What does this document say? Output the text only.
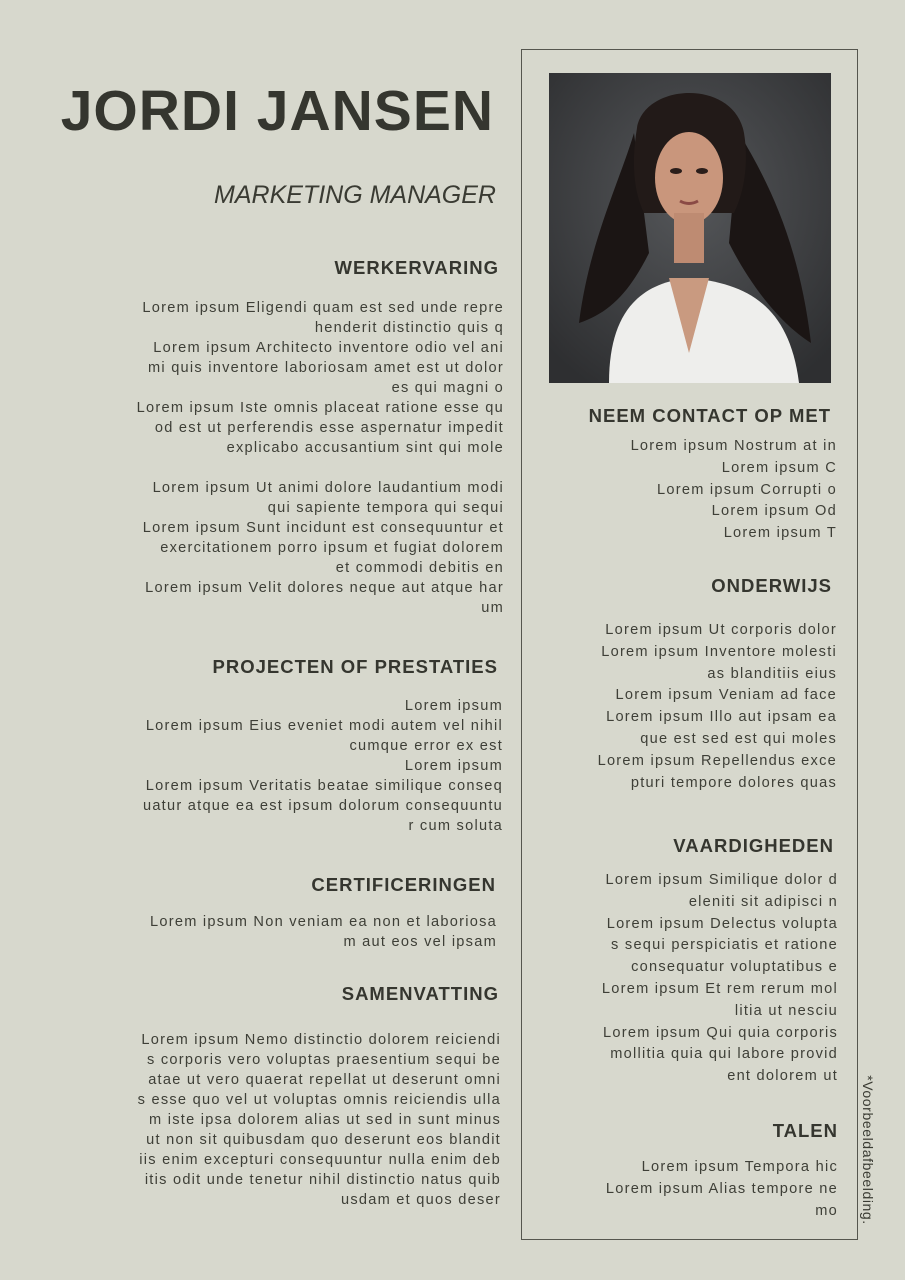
JORDI JANSEN
MARKETING MANAGER
WERKERVARING
Lorem ipsum Eligendi quam est sed unde repre
henderit distinctio quis q
Lorem ipsum Architecto inventore odio vel ani
mi quis inventore laboriosam amet est ut dolor
es qui magni o
Lorem ipsum Iste omnis placeat ratione esse qu
od est ut perferendis esse aspernatur impedit
explicabo accusantium sint qui mole
Lorem ipsum Ut animi dolore laudantium modi
qui sapiente tempora qui sequi
Lorem ipsum Sunt incidunt est consequuntur et
exercitationem porro ipsum et fugiat dolorem
et commodi debitis en
Lorem ipsum Velit dolores neque aut atque har
um
PROJECTEN OF PRESTATIES
Lorem ipsum
Lorem ipsum Eius eveniet modi autem vel nihil
cumque error ex est
Lorem ipsum
Lorem ipsum Veritatis beatae similique conseq
uatur atque ea est ipsum dolorum consequuntu
r cum soluta
CERTIFICERINGEN
Lorem ipsum Non veniam ea non et laboriosa
m aut eos vel ipsam
SAMENVATTING
Lorem ipsum Nemo distinctio dolorem reiciendi
s corporis vero voluptas praesentium sequi be
atae ut vero quaerat repellat ut deserunt omni
s esse quo vel ut voluptas omnis reiciendis ulla
m iste ipsa dolorem alias ut sed in sunt minus
ut non sit quibusdam quo deserunt eos blandit
iis enim excepturi consequuntur nulla enim deb
itis odit unde tenetur nihil distinctio natus quib
usdam et quos deser
NEEM CONTACT OP MET
Lorem ipsum Nostrum at in
Lorem ipsum C
Lorem ipsum Corrupti o
Lorem ipsum Od
Lorem ipsum T
ONDERWIJS
Lorem ipsum Ut corporis dolor
Lorem ipsum Inventore molesti
as blanditiis eius
Lorem ipsum Veniam ad face
Lorem ipsum Illo aut ipsam ea
que est sed est qui moles
Lorem ipsum Repellendus exce
pturi tempore dolores quas
VAARDIGHEDEN
Lorem ipsum Similique dolor d
eleniti sit adipisci n
Lorem ipsum Delectus volupta
s sequi perspiciatis et ratione
consequatur voluptatibus e
Lorem ipsum Et rem rerum mol
litia ut nesciu
Lorem ipsum Qui quia corporis
mollitia quia qui labore provid
ent dolorem ut
TALEN
Lorem ipsum Tempora hic
Lorem ipsum Alias tempore ne
mo *Voorbeeldafbeelding.
